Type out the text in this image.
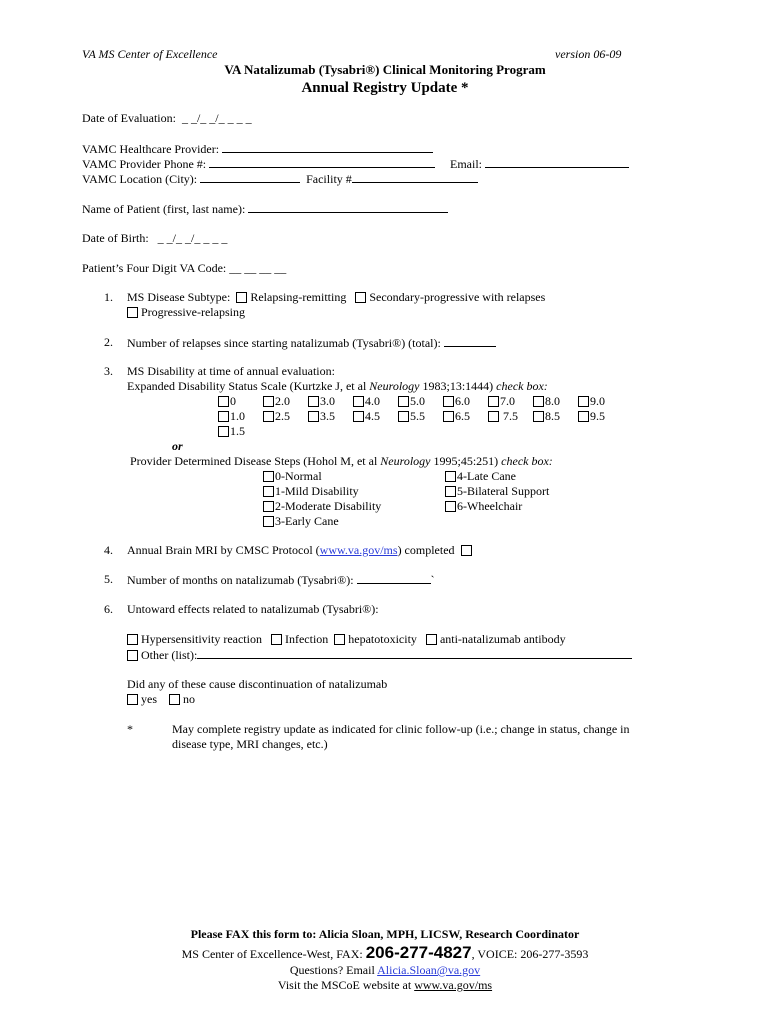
VA MS Center of Excellence	version 06-09
VA Natalizumab (Tysabri®) Clinical Monitoring Program
Annual Registry Update *
Date of Evaluation: _ _/_ _/_ _ _ _
VAMC Healthcare Provider:
VAMC Provider Phone #:	Email:
VAMC Location (City):	Facility #
Name of Patient (first, last name):
Date of Birth: _ _/_ _/_ _ _ _
Patient’s Four Digit VA Code: __ __ __ __
1. MS Disease Subtype: Relapsing-remitting Secondary-progressive with relapses
Progressive-relapsing
2. Number of relapses since starting natalizumab (Tysabri®) (total):
3. MS Disability at time of annual evaluation:
Expanded Disability Status Scale (Kurtzke J, et al Neurology 1983;13:1444) check box:
0	2.0	3.0	4.0	5.0	6.0	7.0	8.0	9.0
1.0	2.5	3.5	4.5	5.5	6.5	7.5	8.5	9.5
1.5
or
Provider Determined Disease Steps (Hohol M, et al Neurology 1995;45:251) check box:
0-Normal
1-Mild Disability
2-Moderate Disability
3-Early Cane
4-Late Cane
5-Bilateral Support
6-Wheelchair
4. Annual Brain MRI by CMSC Protocol (www.va.gov/ms) completed
5. Number of months on natalizumab (Tysabri®):	`
6. Untoward effects related to natalizumab (Tysabri®):
Hypersensitivity reaction Infection hepatotoxicity anti-natalizumab antibody
Other (list):
Did any of these cause discontinuation of natalizumab
yes no
*	May complete registry update as indicated for clinic follow-up (i.e.; change in status, change in
disease type, MRI changes, etc.)
Please FAX this form to: Alicia Sloan, MPH, LICSW, Research Coordinator
MS Center of Excellence-West, FAX: 206-277-4827, VOICE: 206-277-3593
Questions? Email Alicia.Sloan@va.gov
Visit the MSCoE website at www.va.gov/ms
